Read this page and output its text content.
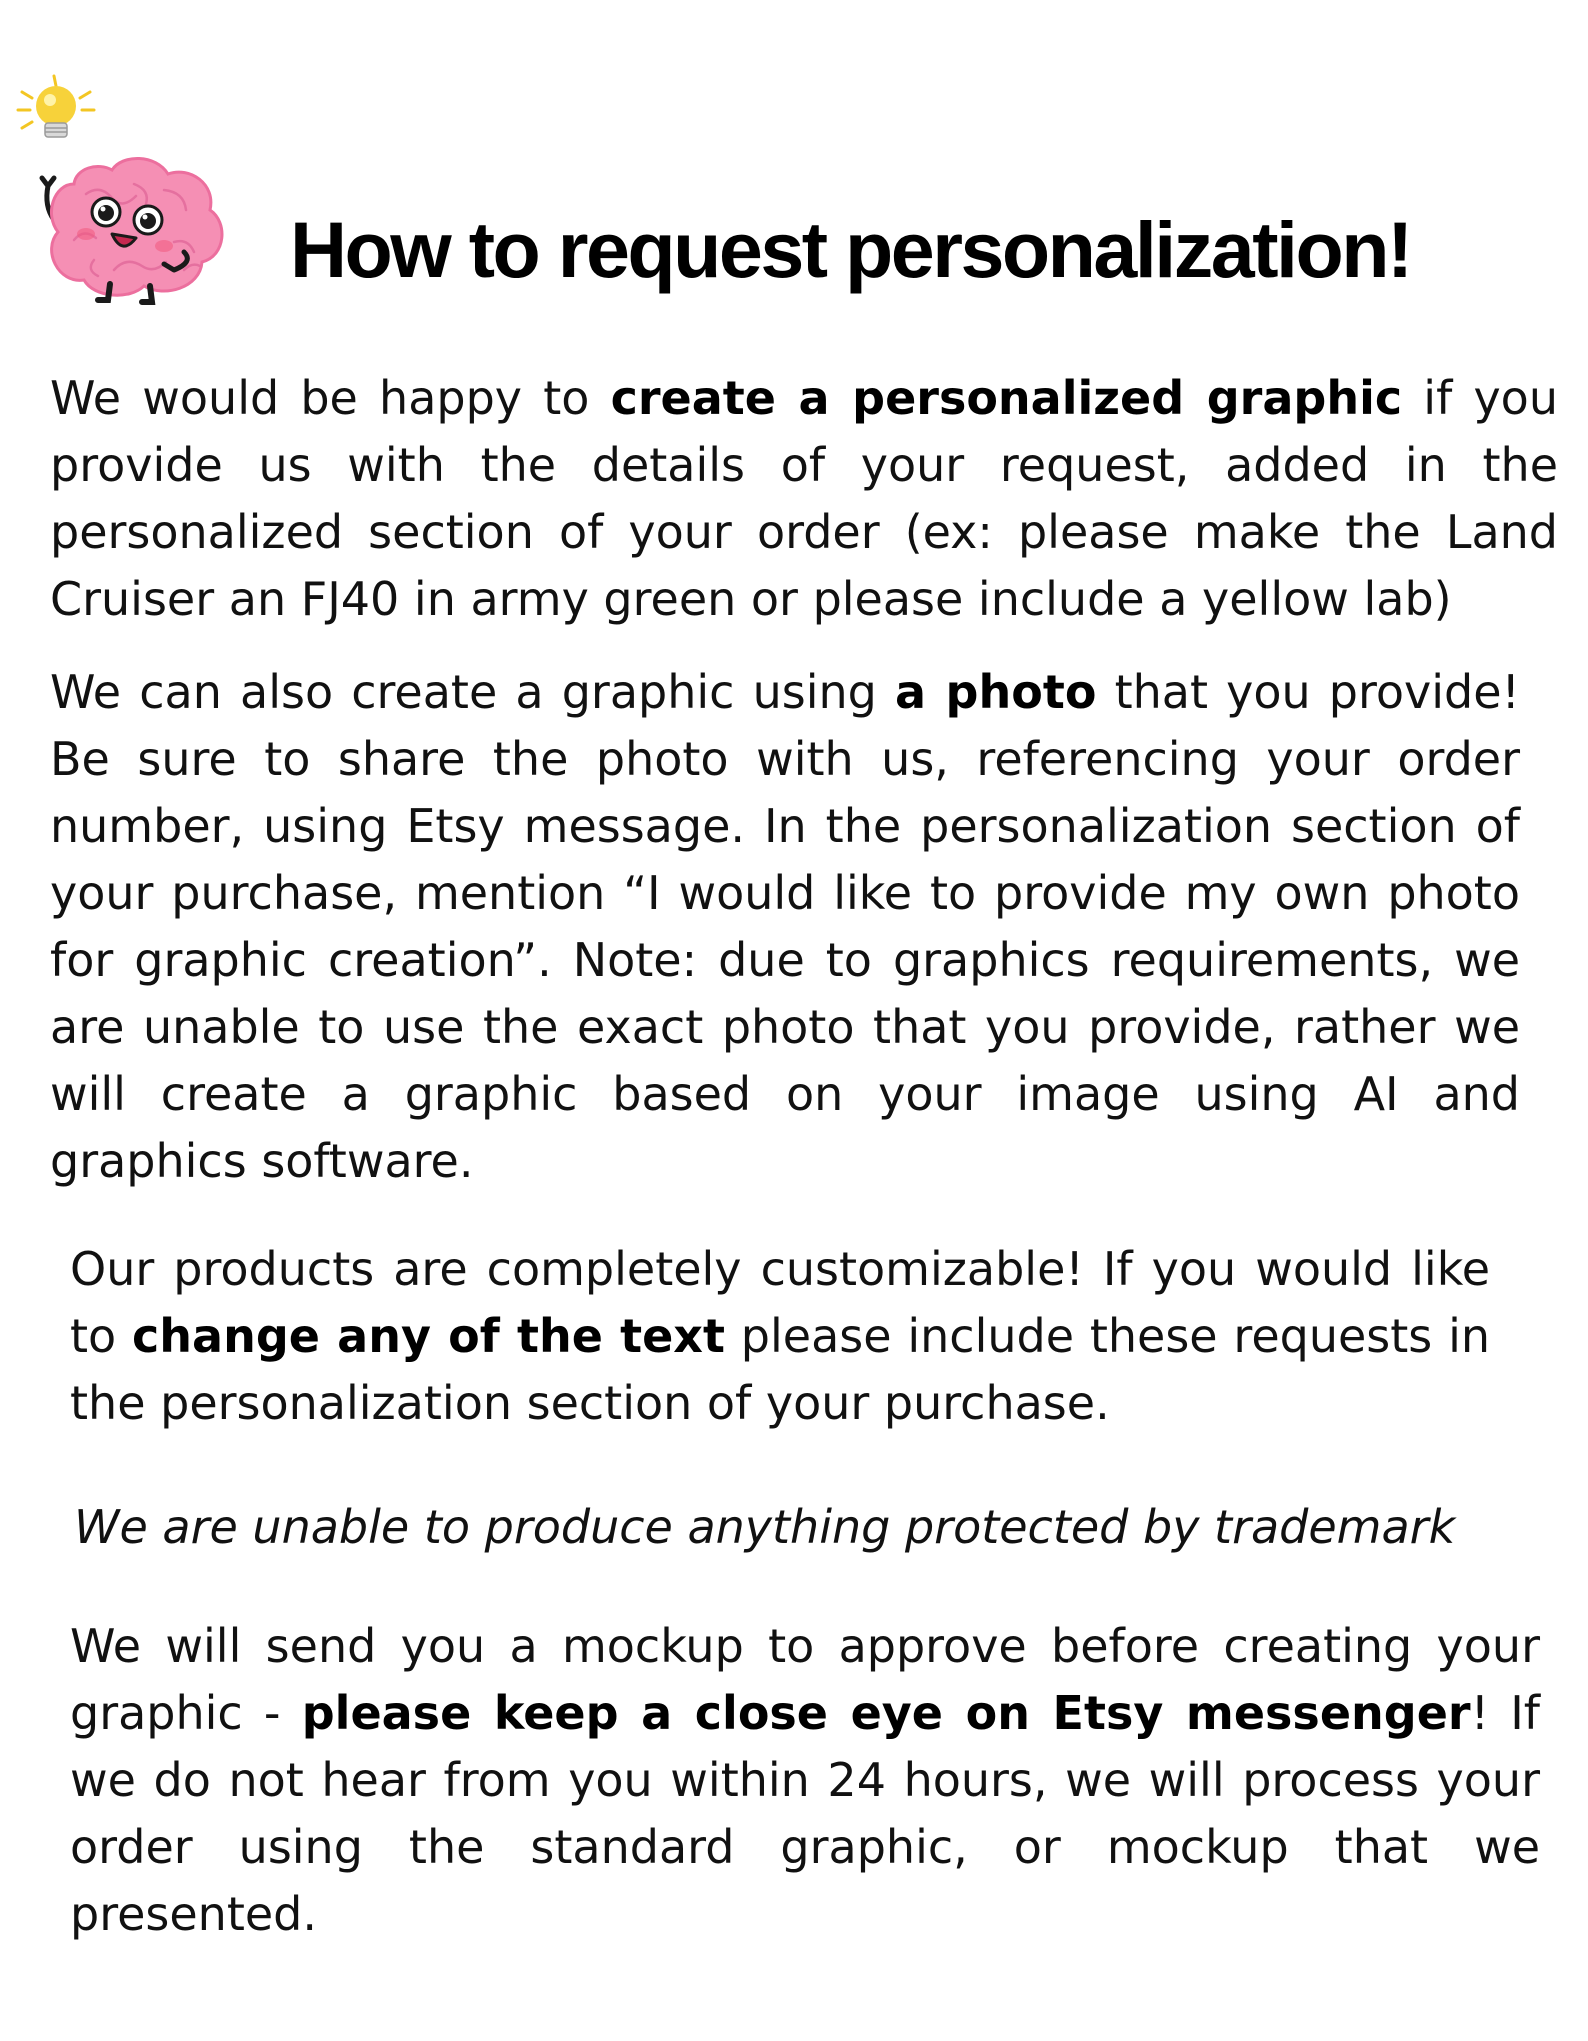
How to request personalization!

We would be happy to create a personalized graphic if you provide us with the details of your request, added in the personalized section of your order (ex: please make the Land Cruiser an FJ40 in army green or please include a yellow lab)

We can also create a graphic using a photo that you provide! Be sure to share the photo with us, referencing your order number, using Etsy message. In the personalization section of your purchase, mention “I would like to provide my own photo for graphic creation”. Note: due to graphics requirements, we are unable to use the exact photo that you provide, rather we will create a graphic based on your image using AI and graphics software.

Our products are completely customizable! If you would like to change any of the text please include these requests in the personalization section of your purchase.

We are unable to produce anything protected by trademark

We will send you a mockup to approve before creating your graphic - please keep a close eye on Etsy messenger! If we do not hear from you within 24 hours, we will process your order using the standard graphic, or mockup that we presented.
